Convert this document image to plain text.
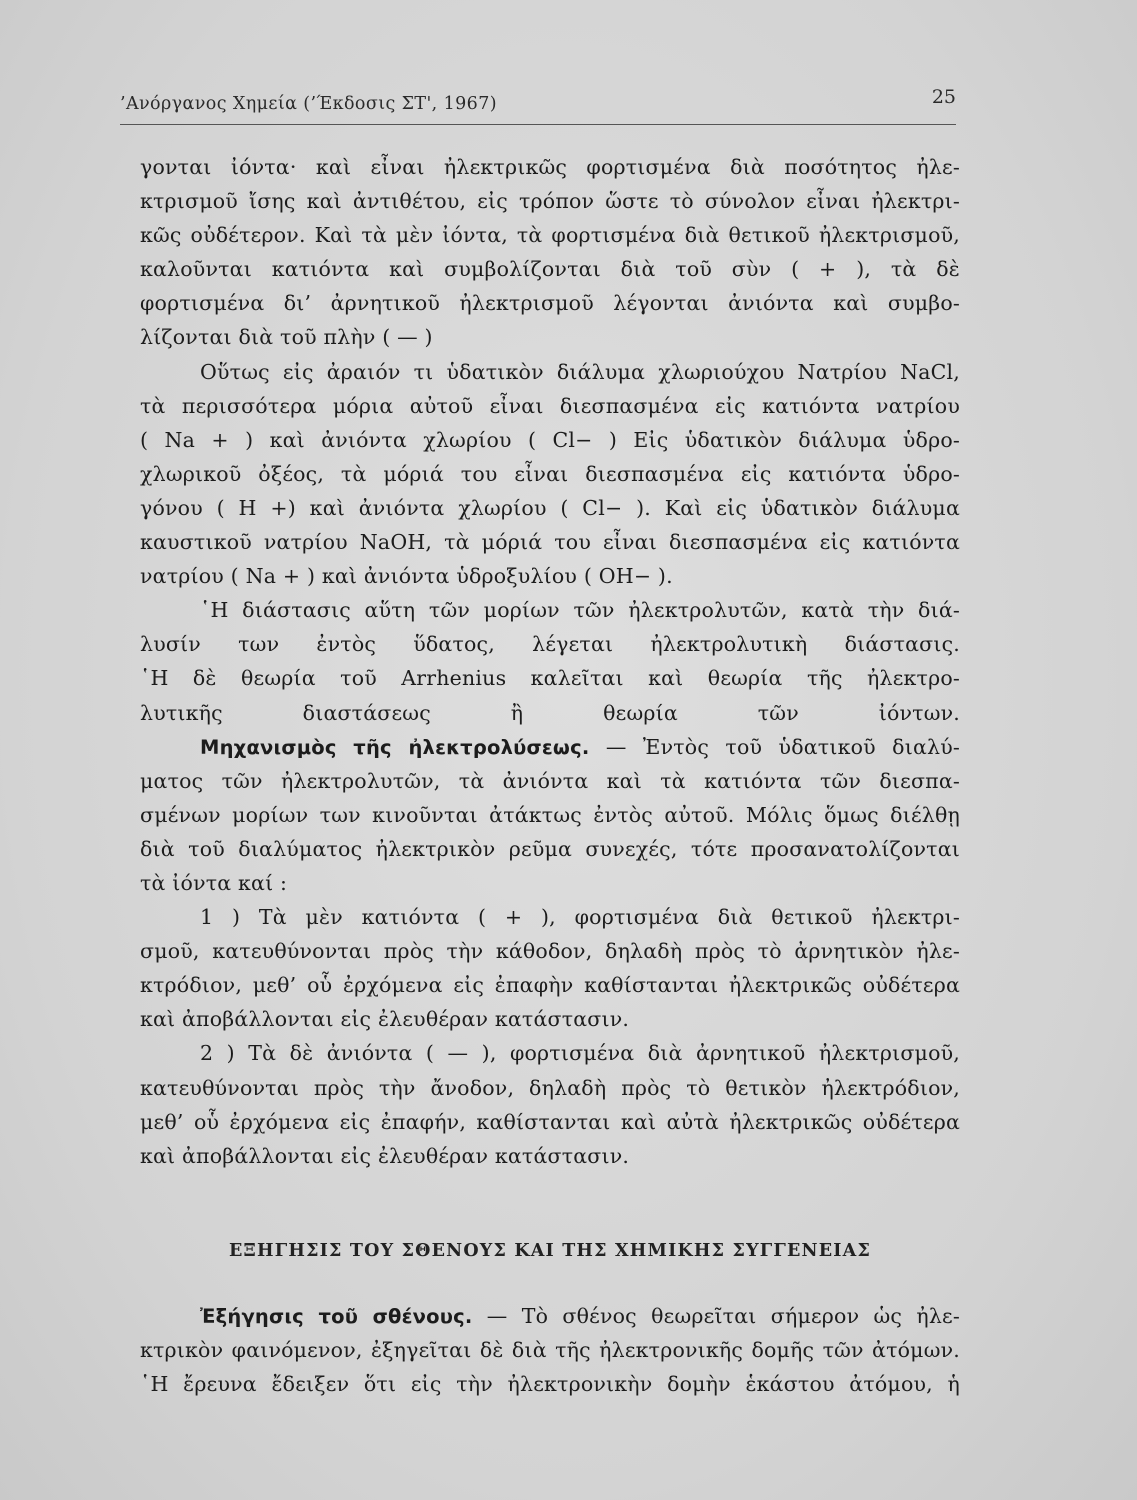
’Ανόργανος Χημεία (’Έκδοσις ΣΤ', 1967)	25
γονται ἰόντα· καὶ εἶναι ἠλεκτρικῶς φορτισμένα διὰ ποσότητος ἠλε-
κτρισμοῦ ἴσης καὶ ἀντιθέτου, εἰς τρόπον ὥστε τὸ σύνολον εἶναι ἠλεκτρι-
κῶς οὐδέτερον. Καὶ τὰ μὲν ἰόντα, τὰ φορτισμένα διὰ θετικοῦ ἠλεκτρισμοῦ,
καλοῦνται κατιόντα καὶ συμβολίζονται διὰ τοῦ σὺν ( + ), τὰ δὲ
φορτισμένα δι’ ἀρνητικοῦ ἠλεκτρισμοῦ λέγονται ἀνιόντα καὶ συμβο-
λίζονται διὰ τοῦ πλὴν ( — )
Οὕτως εἰς ἀραιόν τι ὑδατικὸν διάλυμα χλωριούχου Νατρίου NaCl,
τὰ περισσότερα μόρια αὐτοῦ εἶναι διεσπασμένα εἰς κατιόντα νατρίου
( Na + ) καὶ ἀνιόντα χλωρίου ( Cl− ) Εἰς ὑδατικὸν διάλυμα ὑδρο-
χλωρικοῦ ὀξέος, τὰ μόριά του εἶναι διεσπασμένα εἰς κατιόντα ὑδρο-
γόνου ( H +) καὶ ἀνιόντα χλωρίου ( Cl− ). Καὶ εἰς ὑδατικὸν διάλυμα
καυστικοῦ νατρίου NaOH, τὰ μόριά του εἶναι διεσπασμένα εἰς κατιόντα
νατρίου ( Na + ) καὶ ἀνιόντα ὑδροξυλίου ( OH− ).
῾Η διάστασις αὕτη τῶν μορίων τῶν ἠλεκτρολυτῶν, κατὰ τὴν διά-
λυσίν των ἐντὸς ὕδατος, λέγεται ἠλεκτρολυτικὴ διάστασις.
῾Η δὲ θεωρία τοῦ Arrhenius καλεῖται καὶ θεωρία τῆς ἠλεκτρο-
λυτικῆς διαστάσεως ἢ θεωρία τῶν ἰόντων.
Μηχανισμὸς τῆς ἠλεκτρολύσεως. — Ἐντὸς τοῦ ὑδατικοῦ διαλύ-
ματος τῶν ἠλεκτρολυτῶν, τὰ ἀνιόντα καὶ τὰ κατιόντα τῶν διεσπα-
σμένων μορίων των κινοῦνται ἀτάκτως ἐντὸς αὐτοῦ. Μόλις ὅμως διέλθῃ
διὰ τοῦ διαλύματος ἠλεκτρικὸν ρεῦμα συνεχές, τότε προσανατολίζονται
τὰ ἰόντα καί :
1 ) Τὰ μὲν κατιόντα ( + ), φορτισμένα διὰ θετικοῦ ἠλεκτρι-
σμοῦ, κατευθύνονται πρὸς τὴν κάθοδον, δηλαδὴ πρὸς τὸ ἀρνητικὸν ἠλε-
κτρόδιον, μεθ’ οὗ ἐρχόμενα εἰς ἐπαφὴν καθίστανται ἠλεκτρικῶς οὐδέτερα
καὶ ἀποβάλλονται εἰς ἐλευθέραν κατάστασιν.
2 ) Τὰ δὲ ἀνιόντα ( — ), φορτισμένα διὰ ἀρνητικοῦ ἠλεκτρισμοῦ,
κατευθύνονται πρὸς τὴν ἄνοδον, δηλαδὴ πρὸς τὸ θετικὸν ἠλεκτρόδιον,
μεθ’ οὗ ἐρχόμενα εἰς ἐπαφήν, καθίστανται καὶ αὐτὰ ἠλεκτρικῶς οὐδέτερα
καὶ ἀποβάλλονται εἰς ἐλευθέραν κατάστασιν.
ΕΞΗΓΗΣΙΣ ΤΟΥ ΣΘΕΝΟΥΣ ΚΑΙ ΤΗΣ ΧΗΜΙΚΗΣ ΣΥΓΓΕΝΕΙΑΣ
Ἐξήγησις τοῦ σθένους. — Τὸ σθένος θεωρεῖται σήμερον ὡς ἠλε-
κτρικὸν φαινόμενον, ἐξηγεῖται δὲ διὰ τῆς ἠλεκτρονικῆς δομῆς τῶν ἀτόμων.
῾Η ἔρευνα ἔδειξεν ὅτι εἰς τὴν ἠλεκτρονικὴν δομὴν ἑκάστου ἀτόμου, ἡ
